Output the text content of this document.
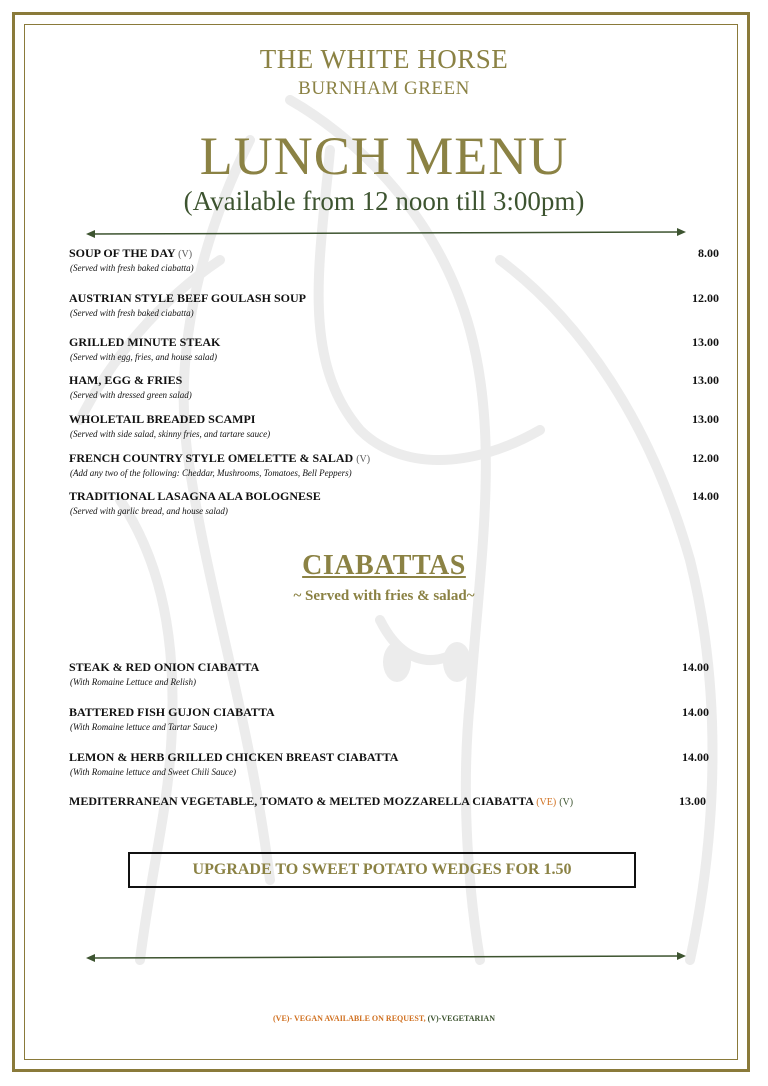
THE WHITE HORSE
BURNHAM GREEN
LUNCH MENU
(Available from 12 noon till 3:00pm)
SOUP OF THE DAY (V)
(Served with fresh baked ciabatta)
8.00
AUSTRIAN STYLE BEEF GOULASH SOUP
(Served with fresh baked ciabatta)
12.00
GRILLED MINUTE STEAK
(Served with egg, fries, and house salad)
13.00
HAM, EGG & FRIES
(Served with dressed green salad)
13.00
WHOLETAIL BREADED SCAMPI
(Served with side salad, skinny fries, and tartare sauce)
13.00
FRENCH COUNTRY STYLE OMELETTE & SALAD (V)
(Add any two of the following: Cheddar, Mushrooms, Tomatoes, Bell Peppers)
12.00
TRADITIONAL LASAGNA ALA BOLOGNESE
(Served with garlic bread, and house salad)
14.00
CIABATTAS
~ Served with fries & salad~
STEAK & RED ONION CIABATTA
(With Romaine Lettuce and Relish)
14.00
BATTERED FISH GUJON CIABATTA
(With Romaine lettuce and Tartar Sauce)
14.00
LEMON & HERB GRILLED CHICKEN BREAST CIABATTA
(With Romaine lettuce and Sweet Chili Sauce)
14.00
MEDITERRANEAN VEGETABLE, TOMATO & MELTED MOZZARELLA CIABATTA (VE) (V)	13.00
UPGRADE TO SWEET POTATO WEDGES FOR 1.50
(VE)- VEGAN AVAILABLE ON REQUEST, (V)-VEGETARIAN
